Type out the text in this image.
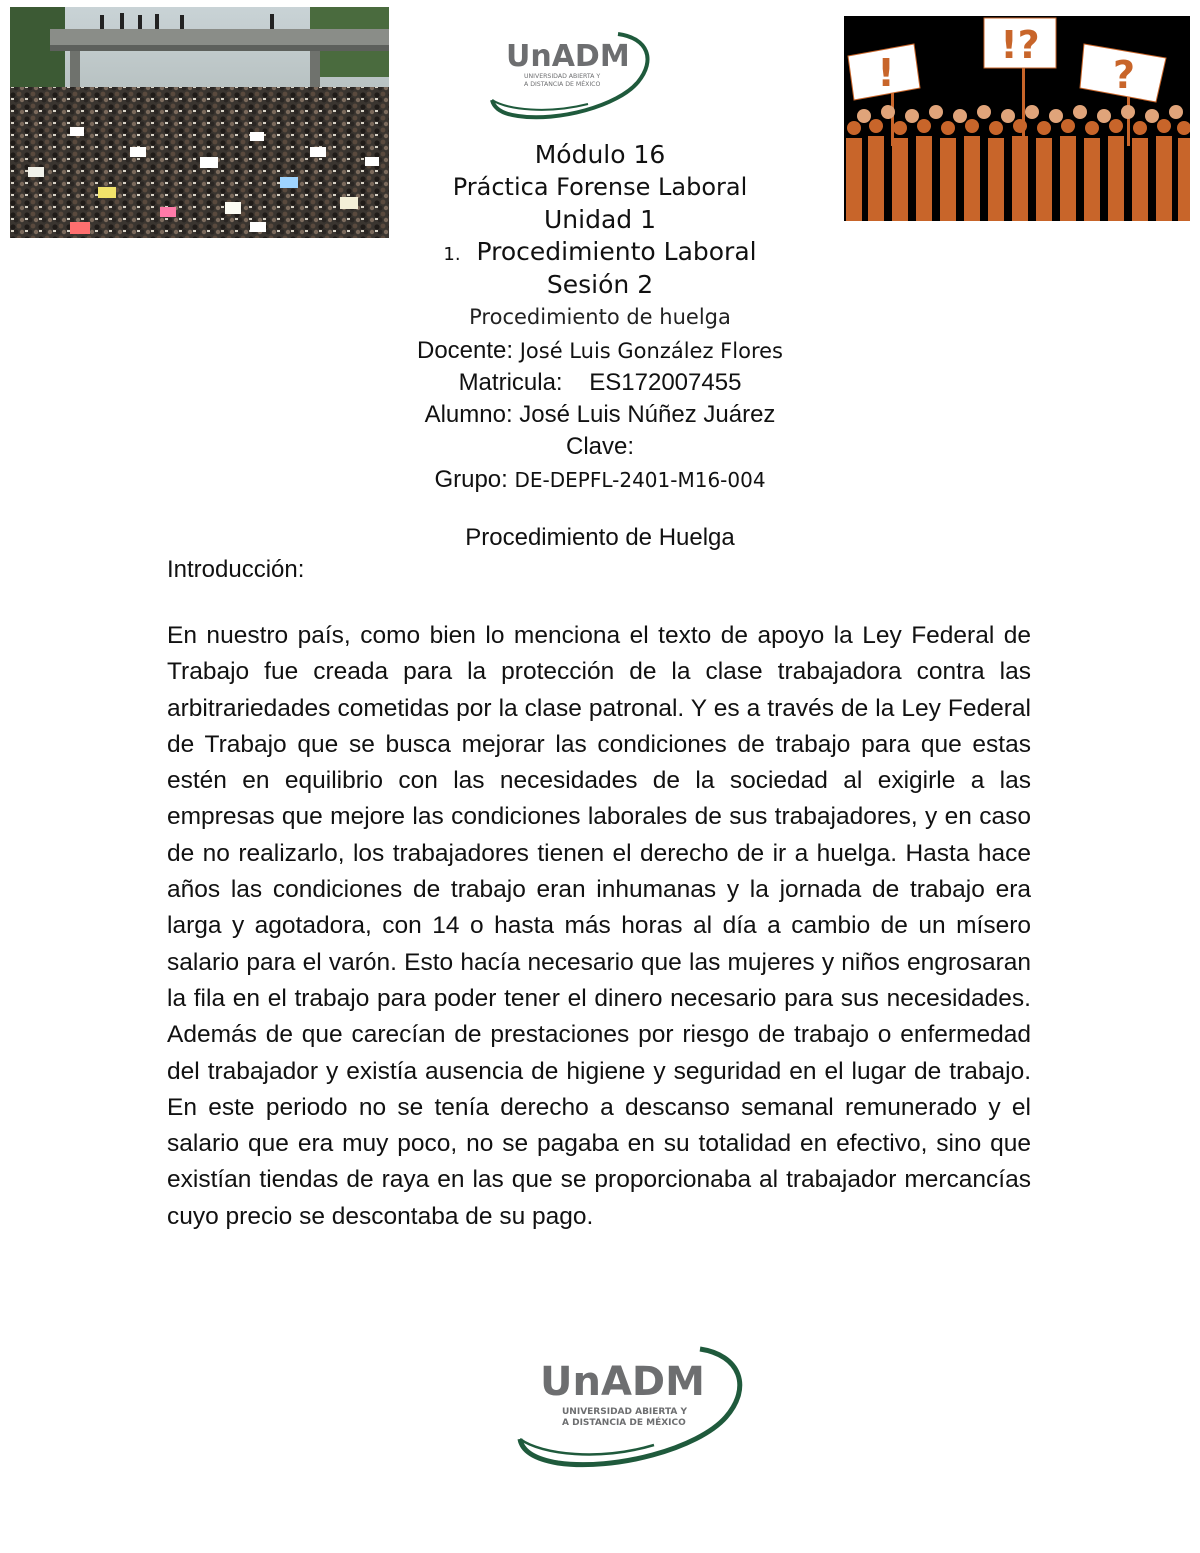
!
!?
?
UnADM
UNIVERSIDAD ABIERTA Y
A DISTANCIA DE MÉXICO
Módulo 16
Práctica Forense Laboral
Unidad 1
1. Procedimiento Laboral
Sesión 2
Procedimiento de huelga
Docente: José Luis González Flores
Matricula: ES172007455
Alumno: José Luis Núñez Juárez
Clave:
Grupo: DE-DEPFL-2401-M16-004
Procedimiento de Huelga
Introducción:

En nuestro país, como bien lo menciona el texto de apoyo la Ley Federal de Trabajo fue creada para la protección de la clase trabajadora contra las arbitrariedades cometidas por la clase patronal. Y es a través de la Ley Federal de Trabajo que se busca mejorar las condiciones de trabajo para que estas estén en equilibrio con las necesidades de la sociedad al exigirle a las empresas que mejore las condiciones laborales de sus trabajadores, y en caso de no realizarlo, los trabajadores tienen el derecho de ir a huelga. Hasta hace años las condiciones de trabajo eran inhumanas y la jornada de trabajo era larga y agotadora, con 14 o hasta más horas al día a cambio de un mísero salario para el varón. Esto hacía necesario que las mujeres y niños engrosaran la fila en el trabajo para poder tener el dinero necesario para sus necesidades. Además de que carecían de prestaciones por riesgo de trabajo o enfermedad del trabajador y existía ausencia de higiene y seguridad en el lugar de trabajo. En este periodo no se tenía derecho a descanso semanal remunerado y el salario que era muy poco, no se pagaba en su totalidad en efectivo, sino que existían tiendas de raya en las que se proporcionaba al trabajador mercancías cuyo precio se descontaba de su pago.

UnADM
UNIVERSIDAD ABIERTA Y
A DISTANCIA DE MÉXICO
